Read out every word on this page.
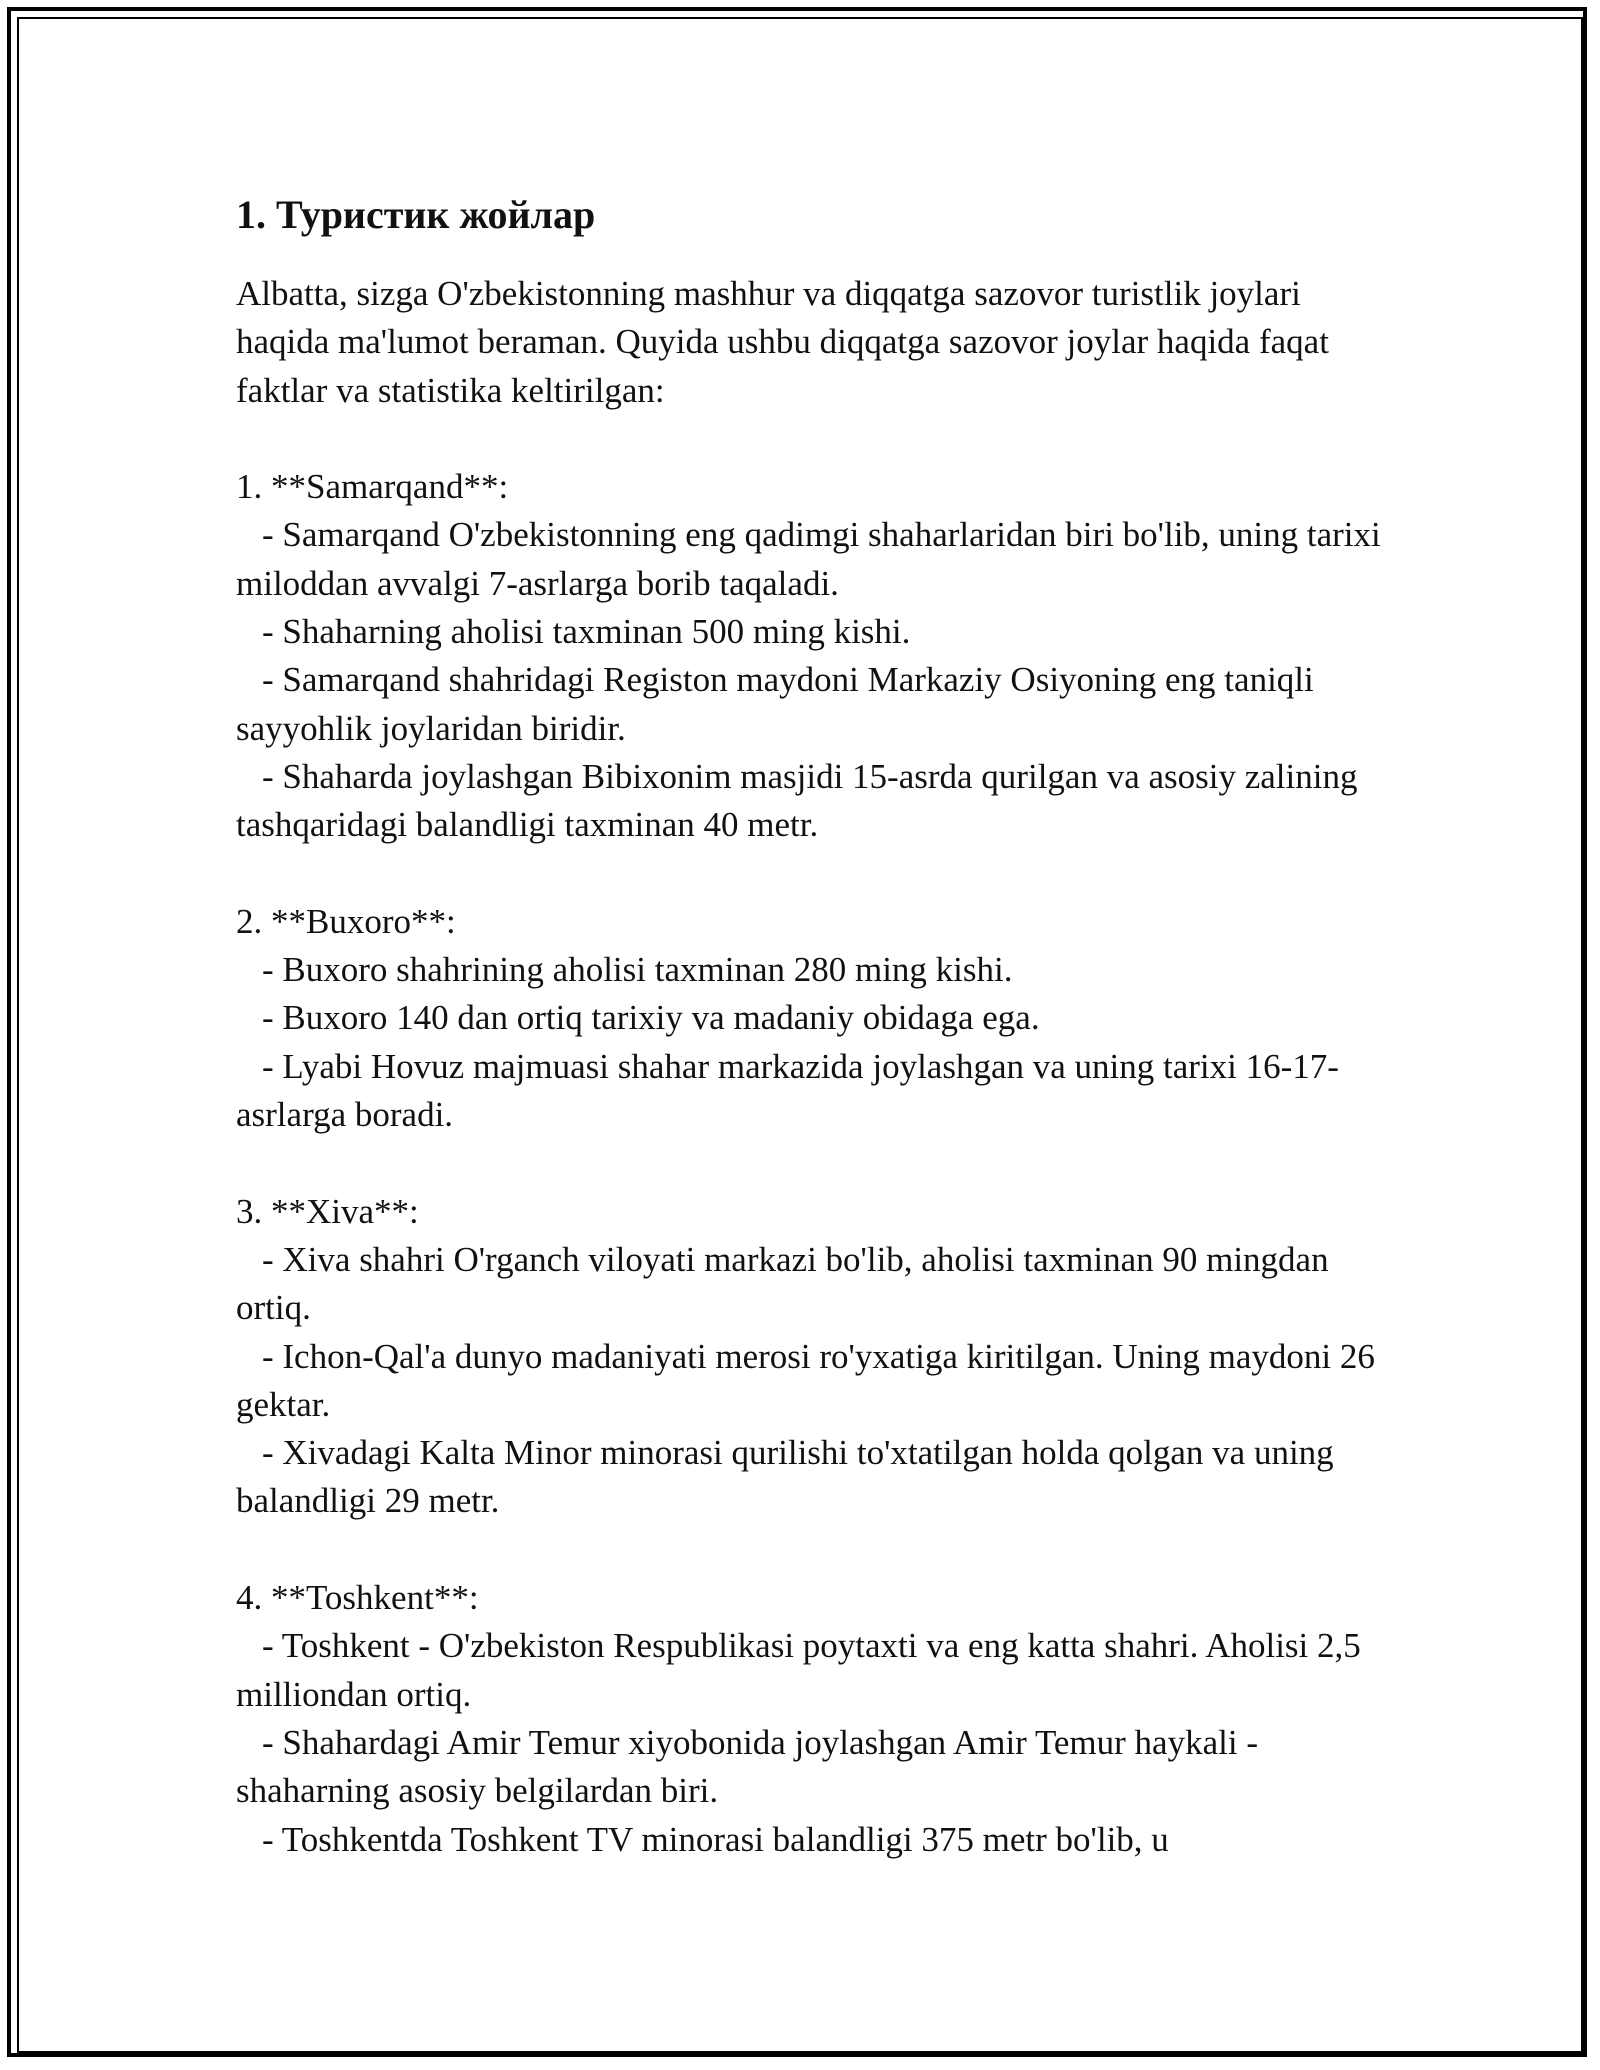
1. Туристик жойлар

Albatta, sizga O'zbekistonning mashhur va diqqatga sazovor turistlik joylari haqida ma'lumot beraman. Quyida ushbu diqqatga sazovor joylar haqida faqat faktlar va statistika keltirilgan:

1. **Samarqand**:
- Samarqand O'zbekistonning eng qadimgi shaharlaridan biri bo'lib, uning tarixi miloddan avvalgi 7-asrlarga borib taqaladi.
- Shaharning aholisi taxminan 500 ming kishi.
- Samarqand shahridagi Registon maydoni Markaziy Osiyoning eng taniqli sayyohlik joylaridan biridir.
- Shaharda joylashgan Bibixonim masjidi 15-asrda qurilgan va asosiy zalining tashqaridagi balandligi taxminan 40 metr.
2. **Buxoro**:
- Buxoro shahrining aholisi taxminan 280 ming kishi.
- Buxoro 140 dan ortiq tarixiy va madaniy obidaga ega.
- Lyabi Hovuz majmuasi shahar markazida joylashgan va uning tarixi 16-17-asrlarga boradi.
3. **Xiva**:
- Xiva shahri O'rganch viloyati markazi bo'lib, aholisi taxminan 90 mingdan ortiq.
- Ichon-Qal'a dunyo madaniyati merosi ro'yxatiga kiritilgan. Uning maydoni 26 gektar.
- Xivadagi Kalta Minor minorasi qurilishi to'xtatilgan holda qolgan va uning balandligi 29 metr.
4. **Toshkent**:
- Toshkent - O'zbekiston Respublikasi poytaxti va eng katta shahri. Aholisi 2,5 milliondan ortiq.
- Shahardagi Amir Temur xiyobonida joylashgan Amir Temur haykali - shaharning asosiy belgilardan biri.
- Toshkentda Toshkent TV minorasi balandligi 375 metr bo'lib, u
